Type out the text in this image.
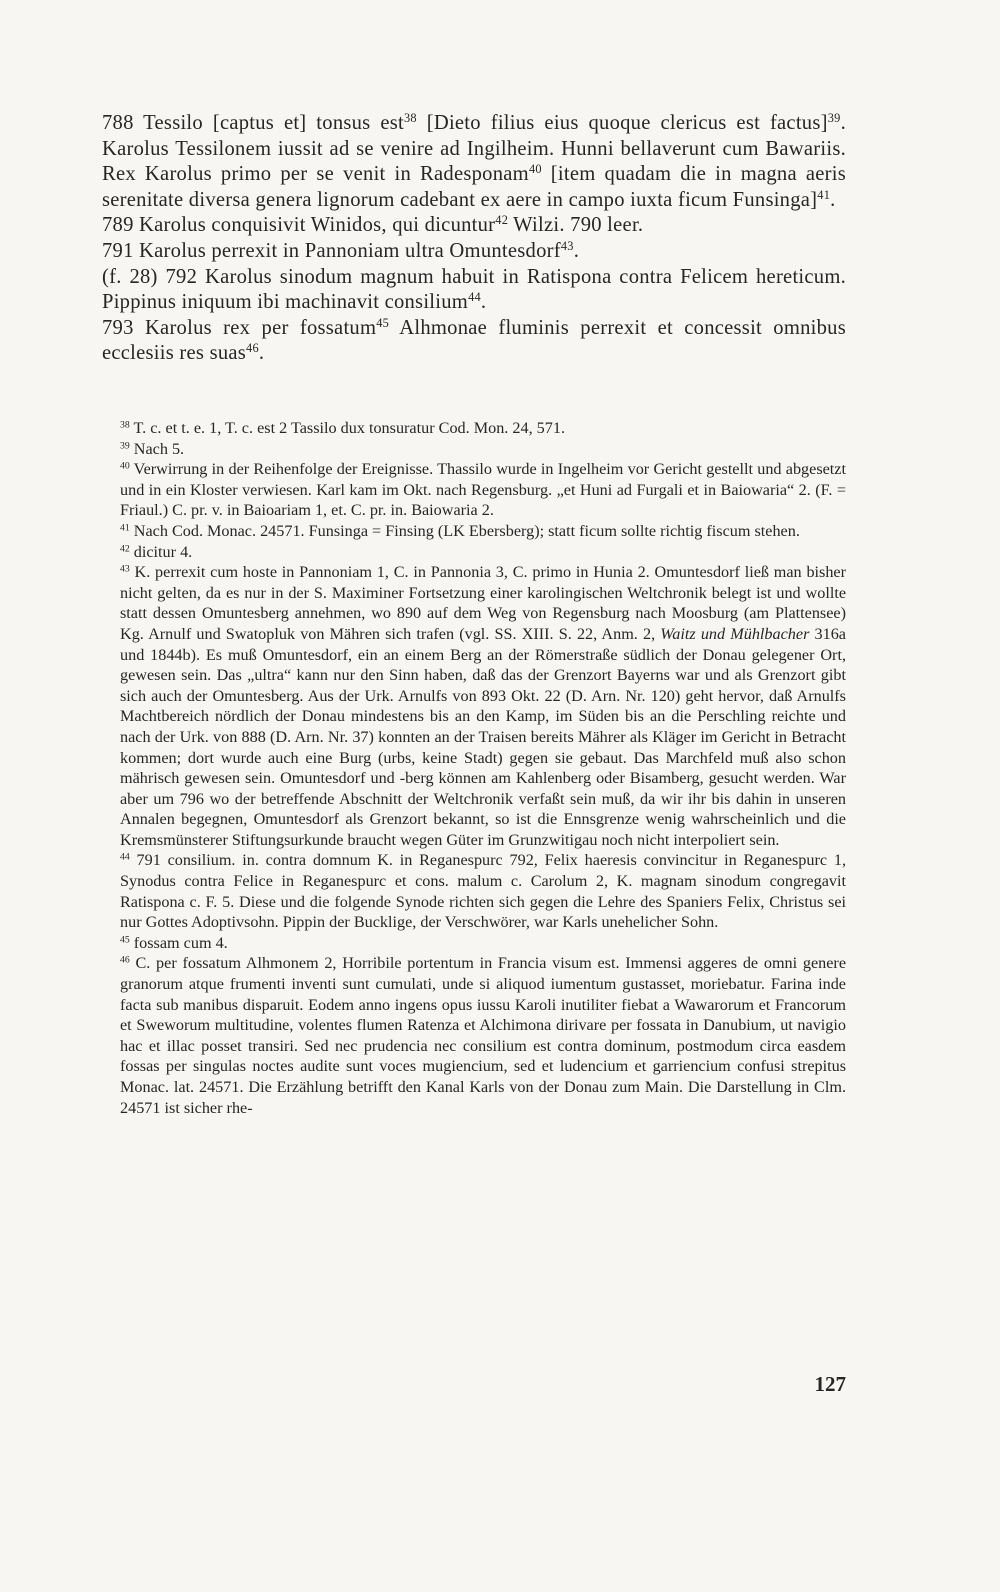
788 Tessilo [captus et] tonsus est$^{38}$ [Dieto filius eius quoque clericus est factus]$^{39}$. Karolus Tessilonem iussit ad se venire ad Ingilheim. Hunni bellaverunt cum Bawariis. Rex Karolus primo per se venit in Radesponam$^{40}$ [item quadam die in magna aeris serenitate diversa genera lignorum cadebant ex aere in campo iuxta ficum Funsinga]$^{41}$.

789 Karolus conquisivit Winidos, qui dicuntur$^{42}$ Wilzi. 790 leer.

791 Karolus perrexit in Pannoniam ultra Omuntesdorf$^{43}$.

(f. 28) 792 Karolus sinodum magnum habuit in Ratispona contra Felicem hereticum. Pippinus iniquum ibi machinavit consilium$^{44}$.

793 Karolus rex per fossatum$^{45}$ Alhmonae fluminis perrexit et concessit omnibus ecclesiis res suas$^{46}$.

$^{38}$ T. c. et t. e. 1, T. c. est 2 Tassilo dux tonsuratur Cod. Mon. 24, 571.

$^{39}$ Nach 5.

$^{40}$ Verwirrung in der Reihenfolge der Ereignisse. Thassilo wurde in Ingelheim vor Gericht gestellt und abgesetzt und in ein Kloster verwiesen. Karl kam im Okt. nach Regensburg. „et Huni ad Furgali et in Baiowaria“ 2. (F. = Friaul.) C. pr. v. in Baioariam 1, et. C. pr. in. Baiowaria 2.

$^{41}$ Nach Cod. Monac. 24571. Funsinga = Finsing (LK Ebersberg); statt ficum sollte richtig fiscum stehen.

$^{42}$ dicitur 4.

$^{43}$ K. perrexit cum hoste in Pannoniam 1, C. in Pannonia 3, C. primo in Hunia 2. Omuntesdorf ließ man bisher nicht gelten, da es nur in der S. Maximiner Fortsetzung einer karolingischen Weltchronik belegt ist und wollte statt dessen Omuntesberg annehmen, wo 890 auf dem Weg von Regensburg nach Moosburg (am Plattensee) Kg. Arnulf und Swatopluk von Mähren sich trafen (vgl. SS. XIII. S. 22, Anm. 2, Waitz und Mühlbacher 316a und 1844b). Es muß Omuntesdorf, ein an einem Berg an der Römerstraße südlich der Donau gelegener Ort, gewesen sein. Das „ultra“ kann nur den Sinn haben, daß das der Grenzort Bayerns war und als Grenzort gibt sich auch der Omuntesberg. Aus der Urk. Arnulfs von 893 Okt. 22 (D. Arn. Nr. 120) geht hervor, daß Arnulfs Machtbereich nördlich der Donau mindestens bis an den Kamp, im Süden bis an die Perschling reichte und nach der Urk. von 888 (D. Arn. Nr. 37) konnten an der Traisen bereits Mährer als Kläger im Gericht in Betracht kommen; dort wurde auch eine Burg (urbs, keine Stadt) gegen sie gebaut. Das Marchfeld muß also schon mährisch gewesen sein. Omuntesdorf und -berg können am Kahlenberg oder Bisamberg, gesucht werden. War aber um 796 wo der betreffende Abschnitt der Weltchronik verfaßt sein muß, da wir ihr bis dahin in unseren Annalen begegnen, Omuntesdorf als Grenzort bekannt, so ist die Ennsgrenze wenig wahrscheinlich und die Kremsmünsterer Stiftungsurkunde braucht wegen Güter im Grunzwitigau noch nicht interpoliert sein.

$^{44}$ 791 consilium. in. contra domnum K. in Reganespurc 792, Felix haeresis convincitur in Reganespurc 1, Synodus contra Felice in Reganespurc et cons. malum c. Carolum 2, K. magnam sinodum congregavit Ratispona c. F. 5. Diese und die folgende Synode richten sich gegen die Lehre des Spaniers Felix, Christus sei nur Gottes Adoptivsohn. Pippin der Bucklige, der Verschwörer, war Karls unehelicher Sohn.

$^{45}$ fossam cum 4.

$^{46}$ C. per fossatum Alhmonem 2, Horribile portentum in Francia visum est. Immensi aggeres de omni genere granorum atque frumenti inventi sunt cumulati, unde si aliquod iumentum gustasset, moriebatur. Farina inde facta sub manibus disparuit. Eodem anno ingens opus iussu Karoli inutiliter fiebat a Wawarorum et Francorum et Sweworum multitudine, volentes flumen Ratenza et Alchimona dirivare per fossata in Danubium, ut navigio hac et illac posset transiri. Sed nec prudencia nec consilium est contra dominum, postmodum circa easdem fossas per singulas noctes audite sunt voces mugiencium, sed et ludencium et garriencium confusi strepitus Monac. lat. 24571. Die Erzählung betrifft den Kanal Karls von der Donau zum Main. Die Darstellung in Clm. 24571 ist sicher rhe-

127
